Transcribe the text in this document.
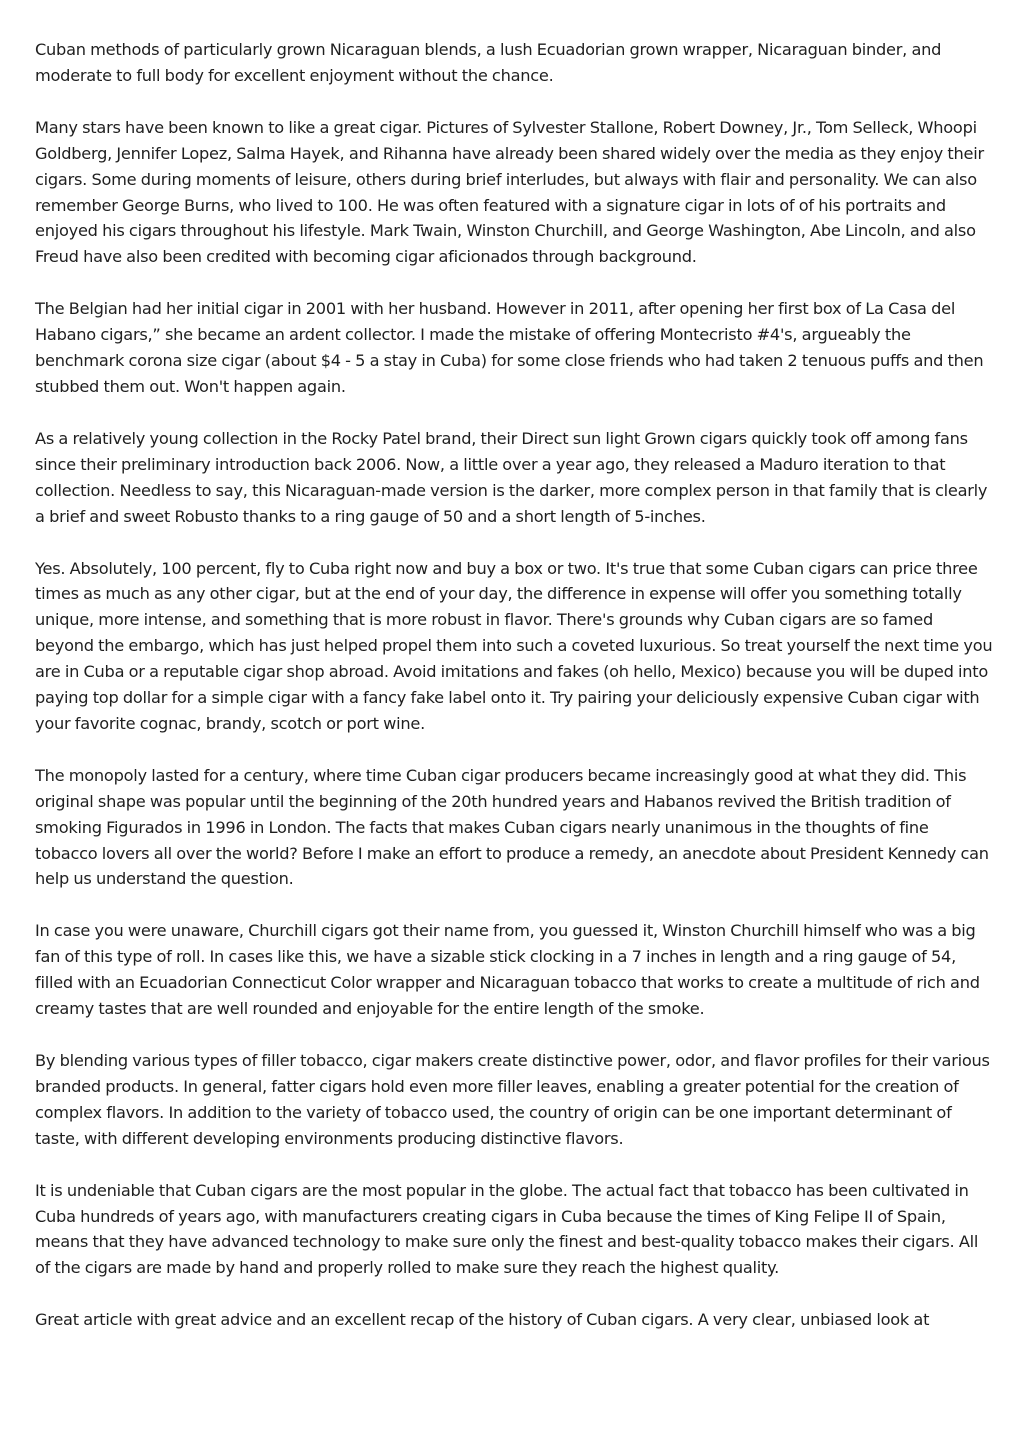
Cuban methods of particularly grown Nicaraguan blends, a lush Ecuadorian grown wrapper, Nicaraguan binder, and moderate to full body for excellent enjoyment without the chance.

Many stars have been known to like a great cigar. Pictures of Sylvester Stallone, Robert Downey, Jr., Tom Selleck, Whoopi Goldberg, Jennifer Lopez, Salma Hayek, and Rihanna have already been shared widely over the media as they enjoy their cigars. Some during moments of leisure, others during brief interludes, but always with flair and personality. We can also remember George Burns, who lived to 100. He was often featured with a signature cigar in lots of of his portraits and enjoyed his cigars throughout his lifestyle. Mark Twain, Winston Churchill, and George Washington, Abe Lincoln, and also Freud have also been credited with becoming cigar aficionados through background.

The Belgian had her initial cigar in 2001 with her husband. However in 2011, after opening her first box of La Casa del Habano cigars,” she became an ardent collector. I made the mistake of offering Montecristo #4's, argueably the benchmark corona size cigar (about $4 - 5 a stay in Cuba) for some close friends who had taken 2 tenuous puffs and then stubbed them out. Won't happen again.

As a relatively young collection in the Rocky Patel brand, their Direct sun light Grown cigars quickly took off among fans since their preliminary introduction back 2006. Now, a little over a year ago, they released a Maduro iteration to that collection. Needless to say, this Nicaraguan-made version is the darker, more complex person in that family that is clearly a brief and sweet Robusto thanks to a ring gauge of 50 and a short length of 5-inches.

Yes. Absolutely, 100 percent, fly to Cuba right now and buy a box or two. It's true that some Cuban cigars can price three times as much as any other cigar, but at the end of your day, the difference in expense will offer you something totally unique, more intense, and something that is more robust in flavor. There's grounds why Cuban cigars are so famed beyond the embargo, which has just helped propel them into such a coveted luxurious. So treat yourself the next time you are in Cuba or a reputable cigar shop abroad. Avoid imitations and fakes (oh hello, Mexico) because you will be duped into paying top dollar for a simple cigar with a fancy fake label onto it. Try pairing your deliciously expensive Cuban cigar with your favorite cognac, brandy, scotch or port wine.

The monopoly lasted for a century, where time Cuban cigar producers became increasingly good at what they did. This original shape was popular until the beginning of the 20th hundred years and Habanos revived the British tradition of smoking Figurados in 1996 in London. The facts that makes Cuban cigars nearly unanimous in the thoughts of fine tobacco lovers all over the world? Before I make an effort to produce a remedy, an anecdote about President Kennedy can help us understand the question.

In case you were unaware, Churchill cigars got their name from, you guessed it, Winston Churchill himself who was a big fan of this type of roll. In cases like this, we have a sizable stick clocking in a 7 inches in length and a ring gauge of 54, filled with an Ecuadorian Connecticut Color wrapper and Nicaraguan tobacco that works to create a multitude of rich and creamy tastes that are well rounded and enjoyable for the entire length of the smoke.

By blending various types of filler tobacco, cigar makers create distinctive power, odor, and flavor profiles for their various branded products. In general, fatter cigars hold even more filler leaves, enabling a greater potential for the creation of complex flavors. In addition to the variety of tobacco used, the country of origin can be one important determinant of taste, with different developing environments producing distinctive flavors.

It is undeniable that Cuban cigars are the most popular in the globe. The actual fact that tobacco has been cultivated in Cuba hundreds of years ago, with manufacturers creating cigars in Cuba because the times of King Felipe II of Spain, means that they have advanced technology to make sure only the finest and best-quality tobacco makes their cigars. All of the cigars are made by hand and properly rolled to make sure they reach the highest quality.

Great article with great advice and an excellent recap of the history of Cuban cigars. A very clear, unbiased look at
